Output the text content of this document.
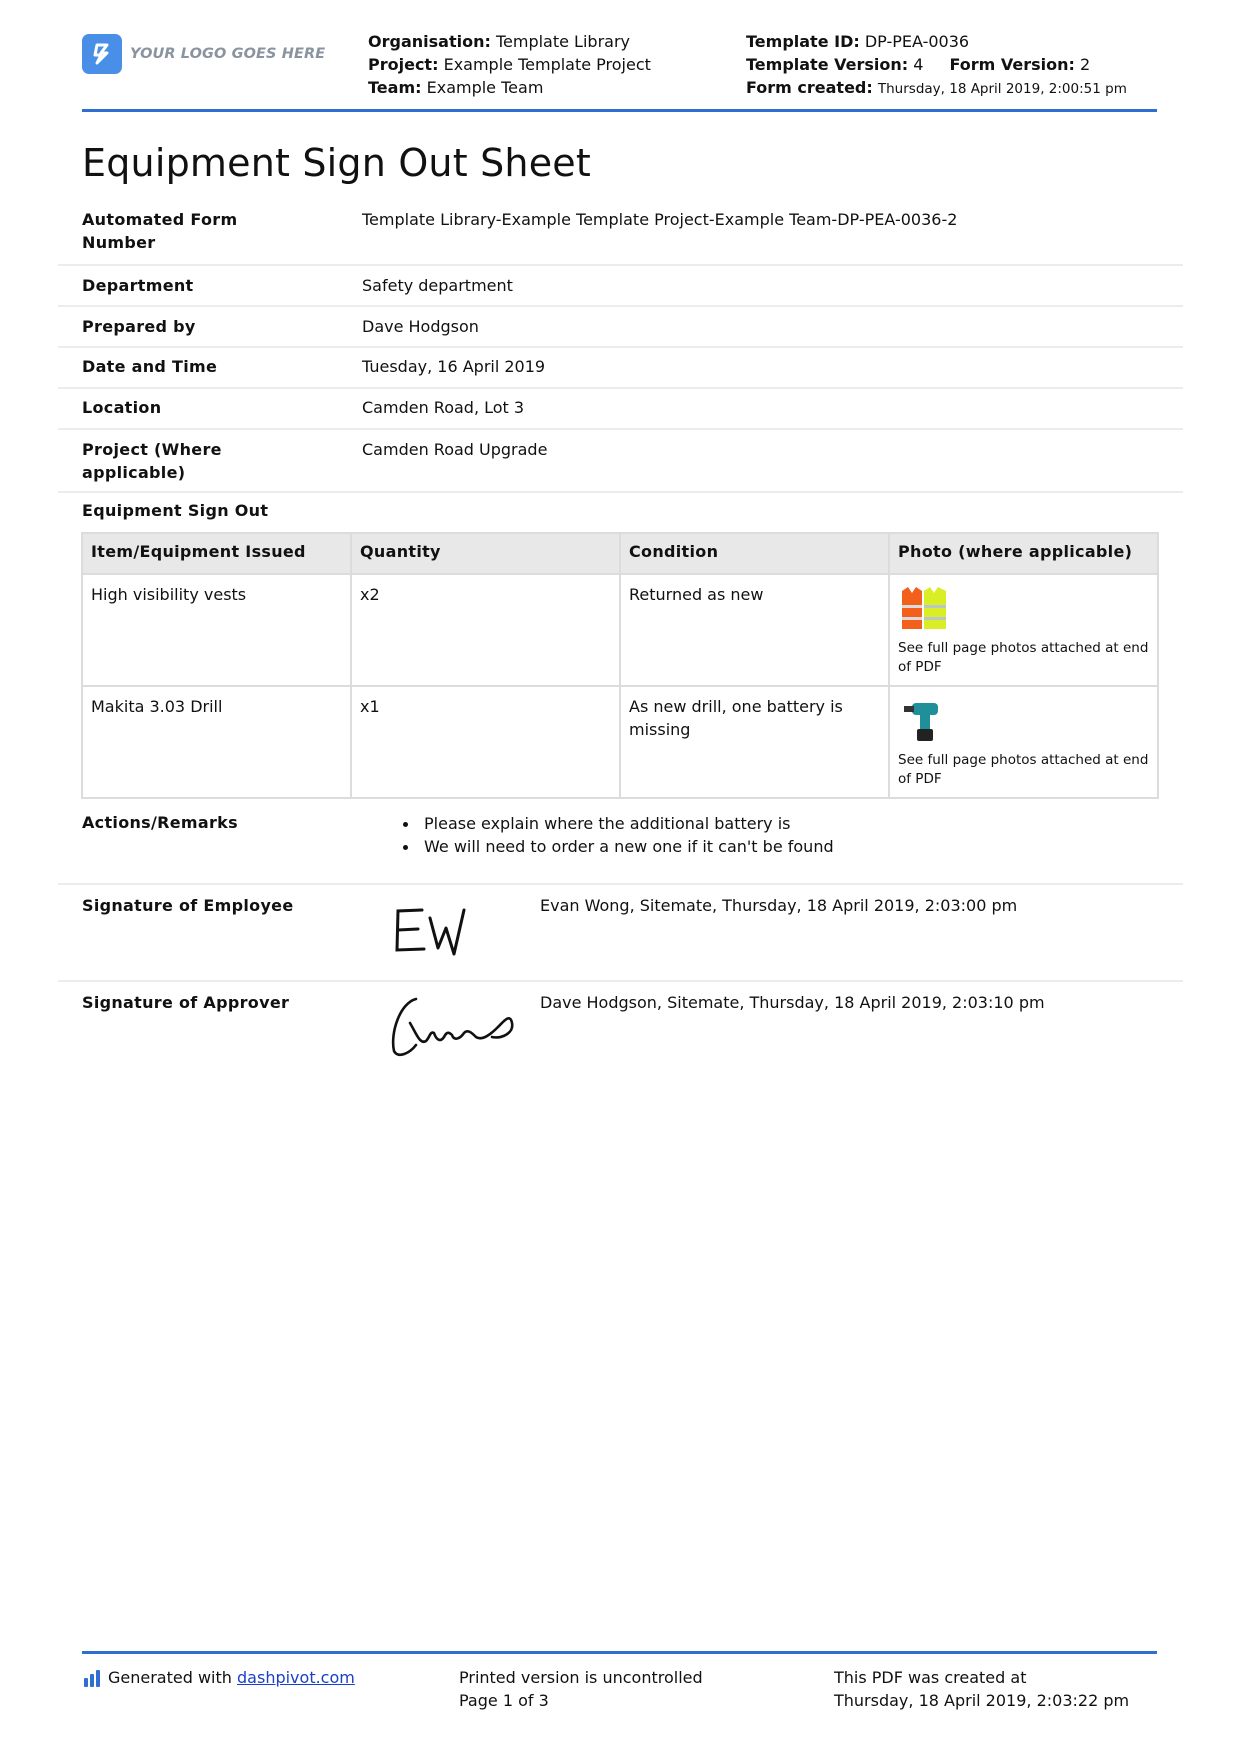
YOUR LOGO GOES HERE
Organisation: Template Library
Project: Example Template Project
Team: Example Team
Template ID: DP-PEA-0036
Template Version: 4 Form Version: 2
Form created: Thursday, 18 April 2019, 2:00:51 pm
Equipment Sign Out Sheet
Automated Form Number
Template Library-Example Template Project-Example Team-DP-PEA-0036-2
Department	Safety department
Prepared by	Dave Hodgson
Date and Time	Tuesday, 16 April 2019
Location	Camden Road, Lot 3
Project (Where applicable)
Camden Road Upgrade
Equipment Sign Out
Item/Equipment Issued	Quantity	Condition	Photo (where applicable)
High visibility vests	x2	Returned as new	See full page photos attached at end of PDF

Makita 3.03 Drill	x1	As new drill, one battery is missing	See full page photos attached at end of PDF
Actions/Remarks	Please explain where the additional battery is
We will need to order a new one if it can't be found
Signature of Employee	Evan Wong, Sitemate, Thursday, 18 April 2019, 2:03:00 pm
Signature of Approver	Dave Hodgson, Sitemate, Thursday, 18 April 2019, 2:03:10 pm
Generated with
dashpivot.com	Printed version is uncontrolled
Page 1 of 3
This PDF was created at
Thursday, 18 April 2019, 2:03:22 pm
